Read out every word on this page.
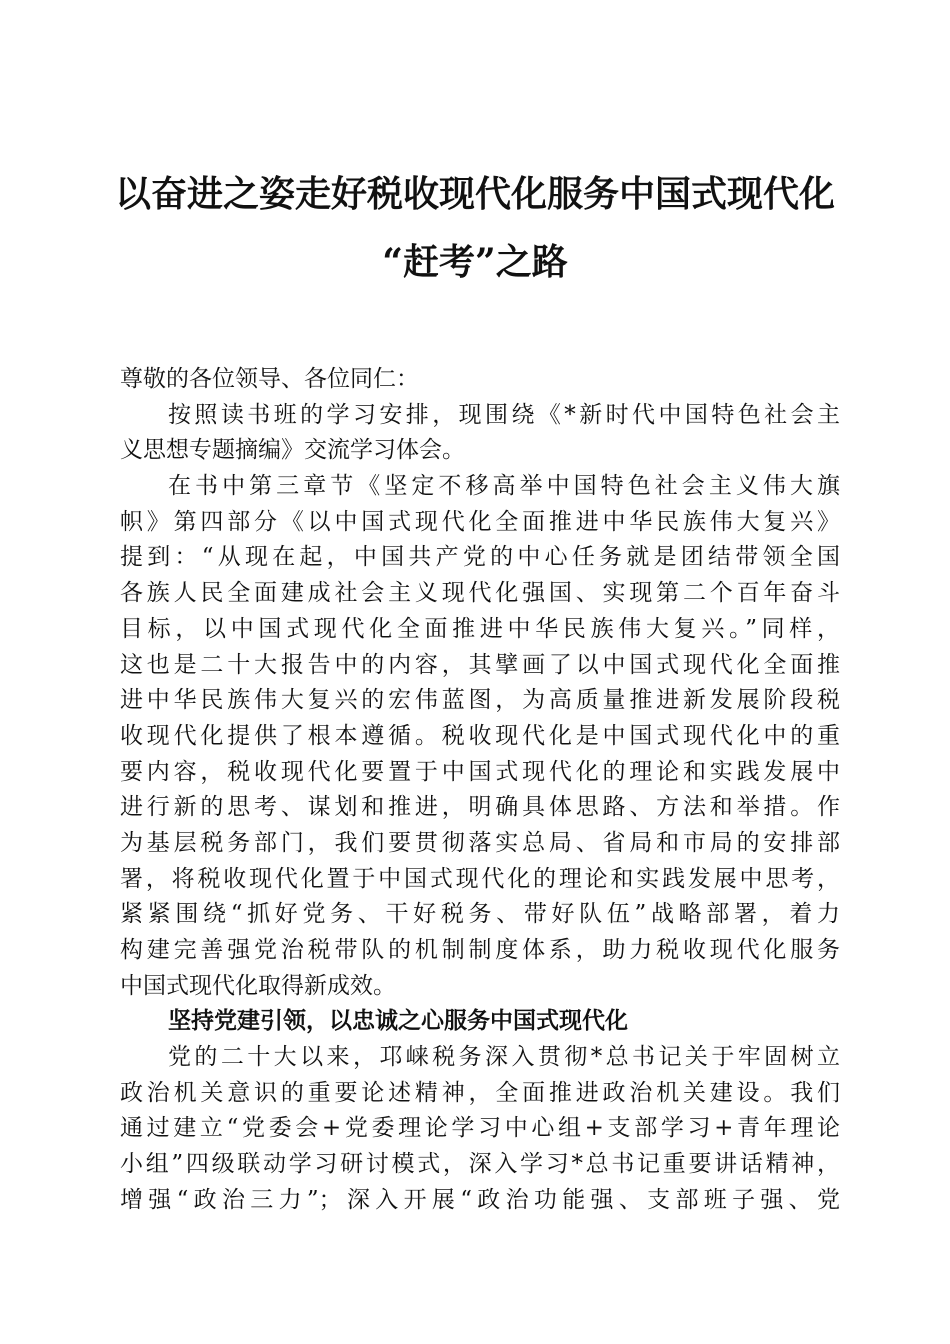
以奋进之姿走好税收现代化服务中国式现代化
“赶考”之路
尊敬的各位领导、各位同仁：
按照读书班的学习安排，现围绕《*新时代中国特色社会主
义思想专题摘编》交流学习体会。
在书中第三章节《坚定不移高举中国特色社会主义伟大旗
帜》第四部分《以中国式现代化全面推进中华民族伟大复兴》
提到：“从现在起，中国共产党的中心任务就是团结带领全国
各族人民全面建成社会主义现代化强国、实现第二个百年奋斗
目标，以中国式现代化全面推进中华民族伟大复兴。”同样，
这也是二十大报告中的内容，其擘画了以中国式现代化全面推
进中华民族伟大复兴的宏伟蓝图，为高质量推进新发展阶段税
收现代化提供了根本遵循。税收现代化是中国式现代化中的重
要内容，税收现代化要置于中国式现代化的理论和实践发展中
进行新的思考、谋划和推进，明确具体思路、方法和举措。作
为基层税务部门，我们要贯彻落实总局、省局和市局的安排部
署，将税收现代化置于中国式现代化的理论和实践发展中思考，
紧紧围绕“抓好党务、干好税务、带好队伍”战略部署，着力
构建完善强党治税带队的机制制度体系，助力税收现代化服务
中国式现代化取得新成效。
坚持党建引领，以忠诚之心服务中国式现代化
党的二十大以来，邛崃税务深入贯彻*总书记关于牢固树立
政治机关意识的重要论述精神，全面推进政治机关建设。我们
通过建立“党委会+党委理论学习中心组+支部学习+青年理论
小组”四级联动学习研讨模式，深入学习*总书记重要讲话精神，
增强“政治三力”；深入开展“政治功能强、支部班子强、党
